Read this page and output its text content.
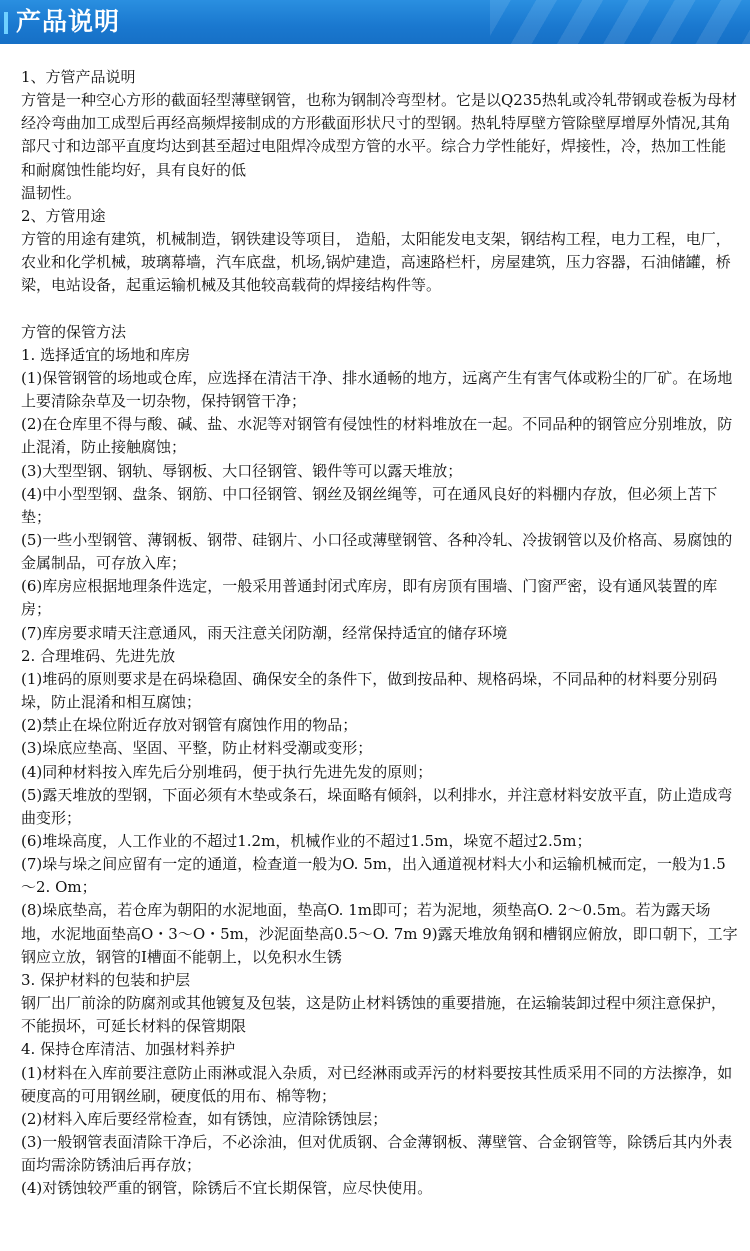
产品说明

1、方管产品说明

方管是一种空心方形的截面轻型薄壁钢管，也称为钢制冷弯型材。它是以Q235热轧或冷轧带钢或卷板为母材经冷弯曲加工成型后再经高频焊接制成的方形截面形状尺寸的型钢。热轧特厚壁方管除壁厚增厚外情况,其角部尺寸和边部平直度均达到甚至超过电阻焊冷成型方管的水平。综合力学性能好，焊接性，冷，热加工性能和耐腐蚀性能均好，具有良好的低

温韧性。

2、方管用途

方管的用途有建筑，机械制造，钢铁建设等项目， 造船，太阳能发电支架，钢结构工程，电力工程，电厂，农业和化学机械，玻璃幕墙，汽车底盘，机场,锅炉建造，高速路栏杆，房屋建筑，压力容器，石油储罐，桥梁，电站设备，起重运输机械及其他较高载荷的焊接结构件等。

方管的保管方法

1. 选择适宜的场地和库房

(1)保管钢管的场地或仓库，应选择在清洁干净、排水通畅的地方，远离产生有害气体或粉尘的厂矿。在场地上要清除杂草及一切杂物，保持钢管干净；

(2)在仓库里不得与酸、碱、盐、水泥等对钢管有侵蚀性的材料堆放在一起。不同品种的钢管应分别堆放，防止混淆，防止接触腐蚀；

(3)大型型钢、钢轨、辱钢板、大口径钢管、锻件等可以露天堆放；

(4)中小型型钢、盘条、钢筋、中口径钢管、钢丝及钢丝绳等，可在通风良好的料棚内存放，但必须上苫下垫；

(5)一些小型钢管、薄钢板、钢带、硅钢片、小口径或薄壁钢管、各种冷轧、冷拔钢管以及价格高、易腐蚀的金属制品，可存放入库；

(6)库房应根据地理条件选定，一般采用普通封闭式库房，即有房顶有围墙、门窗严密，设有通风装置的库房；

(7)库房要求晴天注意通风，雨天注意关闭防潮，经常保持适宜的储存环境

2. 合理堆码、先进先放

(1)堆码的原则要求是在码垛稳固、确保安全的条件下，做到按品种、规格码垛，不同品种的材料要分别码垛，防止混淆和相互腐蚀；

(2)禁止在垛位附近存放对钢管有腐蚀作用的物品；

(3)垛底应垫高、坚固、平整，防止材料受潮或变形；

(4)同种材料按入库先后分别堆码，便于执行先进先发的原则；

(5)露天堆放的型钢，下面必须有木垫或条石，垛面略有倾斜，以利排水，并注意材料安放平直，防止造成弯曲变形；

(6)堆垛高度，人工作业的不超过1.2m，机械作业的不超过1.5m，垛宽不超过2.5m；

(7)垛与垛之间应留有一定的通道，检查道一般为O. 5m，出入通道视材料大小和运输机械而定，一般为1.5～2. Om；

(8)垛底垫高，若仓库为朝阳的水泥地面，垫高O. 1m即可；若为泥地，须垫高O. 2～0.5m。若为露天场地，水泥地面垫高O・3～O・5m，沙泥面垫高0.5～O. 7m 9)露天堆放角钢和槽钢应俯放，即口朝下，工字钢应立放，钢管的I槽面不能朝上，以免积水生锈

3. 保护材料的包装和护层

钢厂出厂前涂的防腐剂或其他镀复及包装，这是防止材料锈蚀的重要措施，在运输装卸过程中须注意保护，不能损坏，可延长材料的保管期限

4. 保持仓库清洁、加强材料养护

(1)材料在入库前要注意防止雨淋或混入杂质，对已经淋雨或弄污的材料要按其性质采用不同的方法擦净，如硬度高的可用钢丝刷，硬度低的用布、棉等物；

(2)材料入库后要经常检查，如有锈蚀，应清除锈蚀层；

(3)一般钢管表面清除干净后，不必涂油，但对优质钢、合金薄钢板、薄壁管、合金钢管等，除锈后其内外表面均需涂防锈油后再存放；

(4)对锈蚀较严重的钢管，除锈后不宜长期保管，应尽快使用。
